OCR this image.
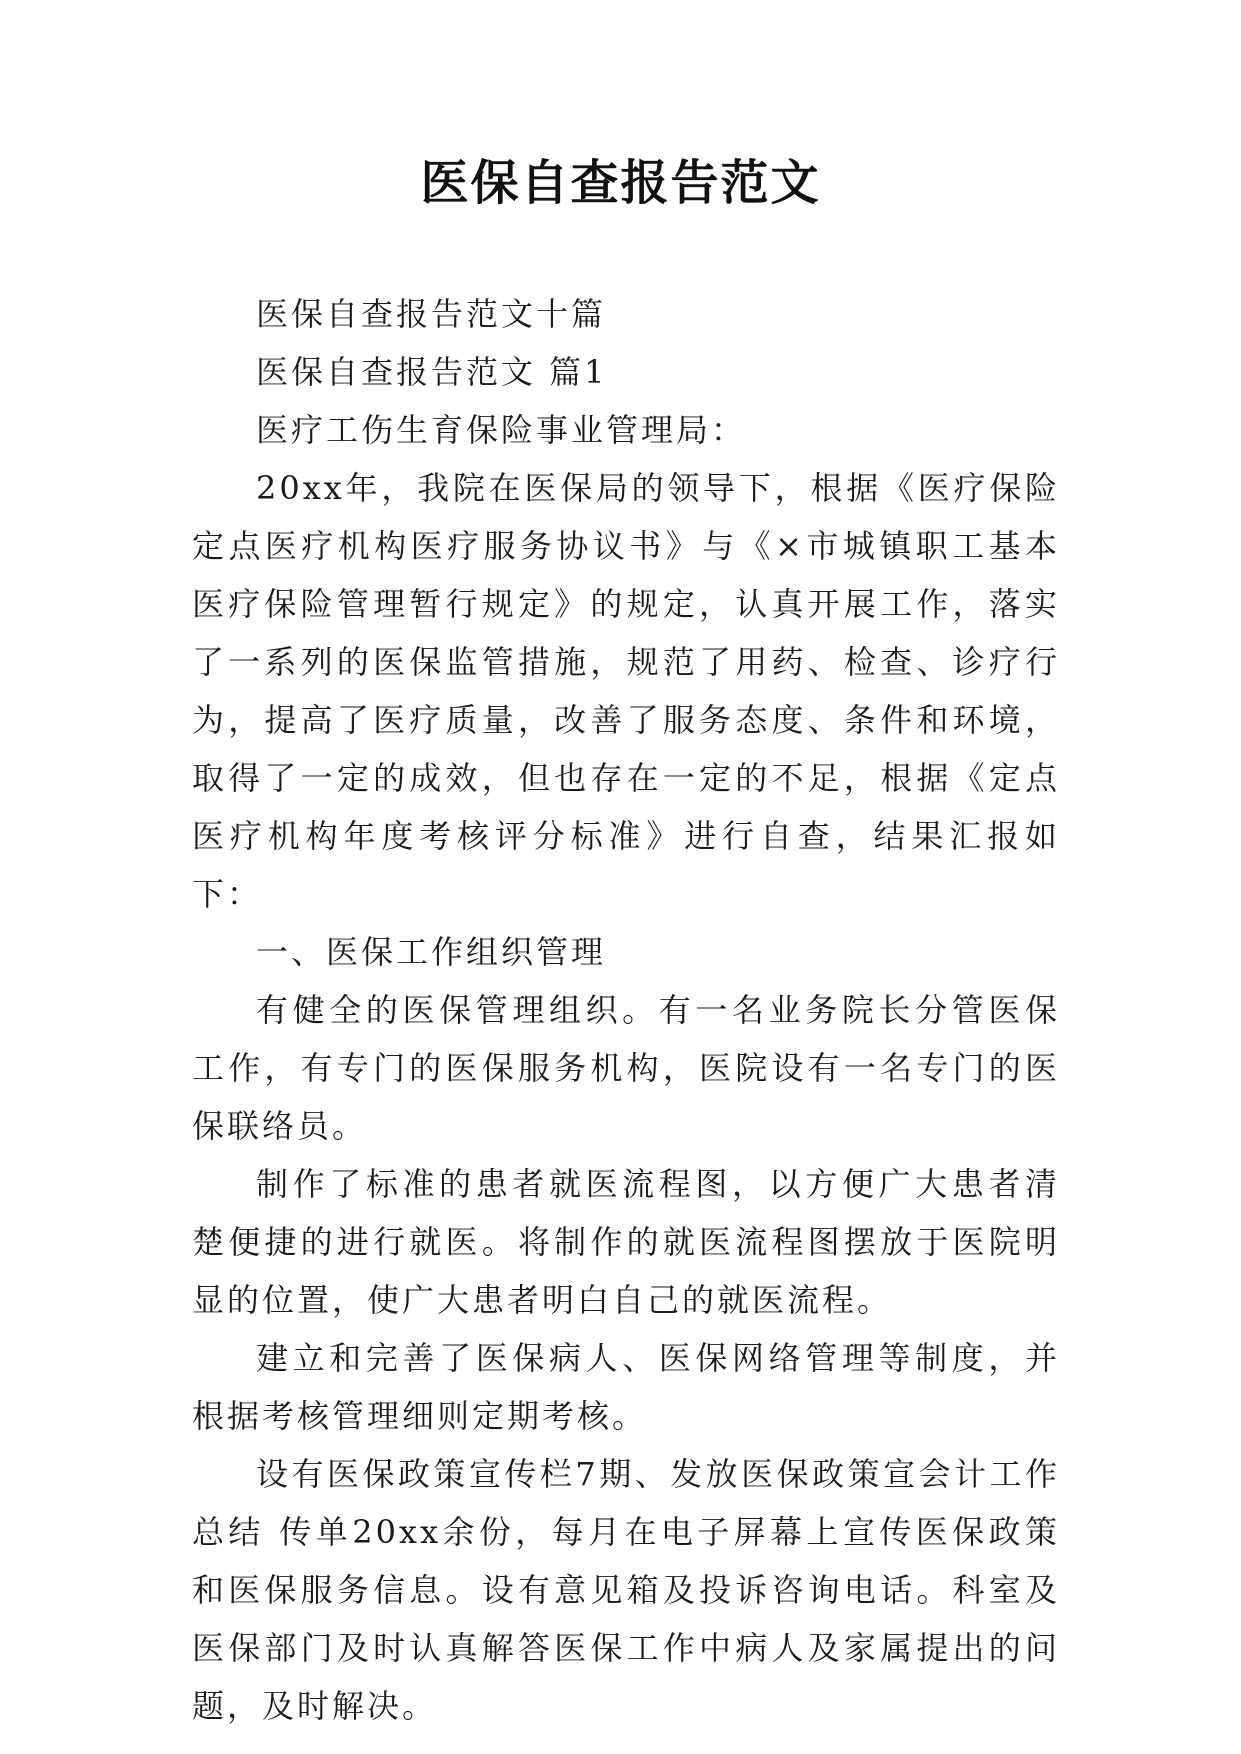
医保自查报告范文

医保自查报告范文十篇

医保自查报告范文 篇1

医疗工伤生育保险事业管理局：

20xx年，我院在医保局的领导下，根据《医疗保险定点医疗机构医疗服务协议书》与《×市城镇职工基本医疗保险管理暂行规定》的规定，认真开展工作，落实了一系列的医保监管措施，规范了用药、检查、诊疗行为，提高了医疗质量，改善了服务态度、条件和环境，取得了一定的成效，但也存在一定的不足，根据《定点医疗机构年度考核评分标准》进行自查，结果汇报如下：

一、医保工作组织管理

有健全的医保管理组织。有一名业务院长分管医保工作，有专门的医保服务机构，医院设有一名专门的医保联络员。

制作了标准的患者就医流程图，以方便广大患者清楚便捷的进行就医。将制作的就医流程图摆放于医院明显的位置，使广大患者明白自己的就医流程。

建立和完善了医保病人、医保网络管理等制度，并根据考核管理细则定期考核。

设有医保政策宣传栏7期、发放医保政策宣会计工作总结 传单20xx余份，每月在电子屏幕上宣传医保政策和医保服务信息。设有意见箱及投诉咨询电话。科室及医保部门及时认真解答医保工作中病人及家属提出的问题，及时解决。
